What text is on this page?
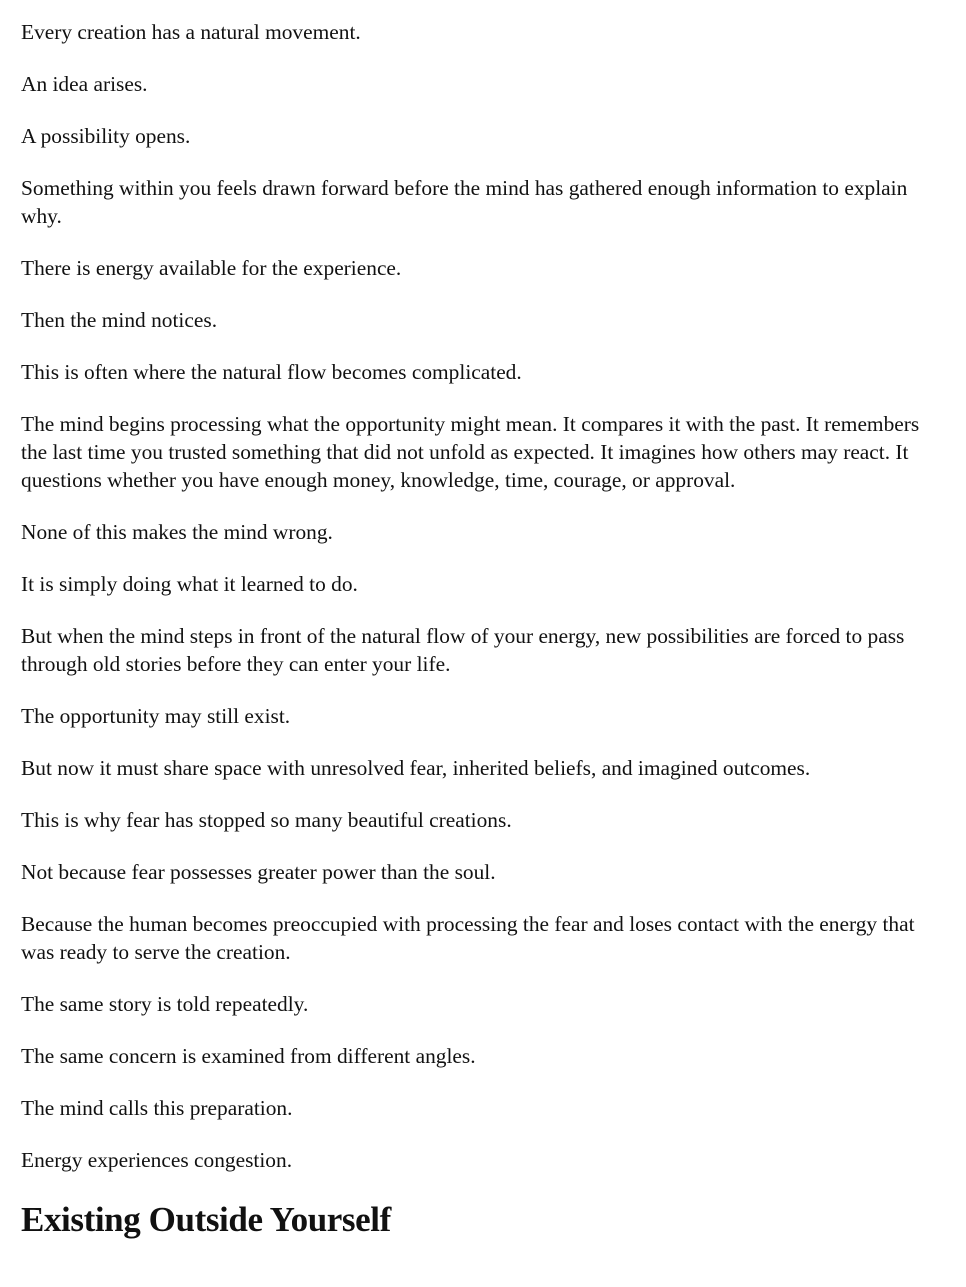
Every creation has a natural movement.

An idea arises.

A possibility opens.

Something within you feels drawn forward before the mind has gathered enough information to explain why.

There is energy available for the experience.

Then the mind notices.

This is often where the natural flow becomes complicated.

The mind begins processing what the opportunity might mean. It compares it with the past. It remembers the last time you trusted something that did not unfold as expected. It imagines how others may react. It questions whether you have enough money, knowledge, time, courage, or approval.

None of this makes the mind wrong.

It is simply doing what it learned to do.

But when the mind steps in front of the natural flow of your energy, new possibilities are forced to pass through old stories before they can enter your life.

The opportunity may still exist.

But now it must share space with unresolved fear, inherited beliefs, and imagined outcomes.

This is why fear has stopped so many beautiful creations.

Not because fear possesses greater power than the soul.

Because the human becomes preoccupied with processing the fear and loses contact with the energy that was ready to serve the creation.

The same story is told repeatedly.

The same concern is examined from different angles.

The mind calls this preparation.

Energy experiences congestion.

Existing Outside Yourself
